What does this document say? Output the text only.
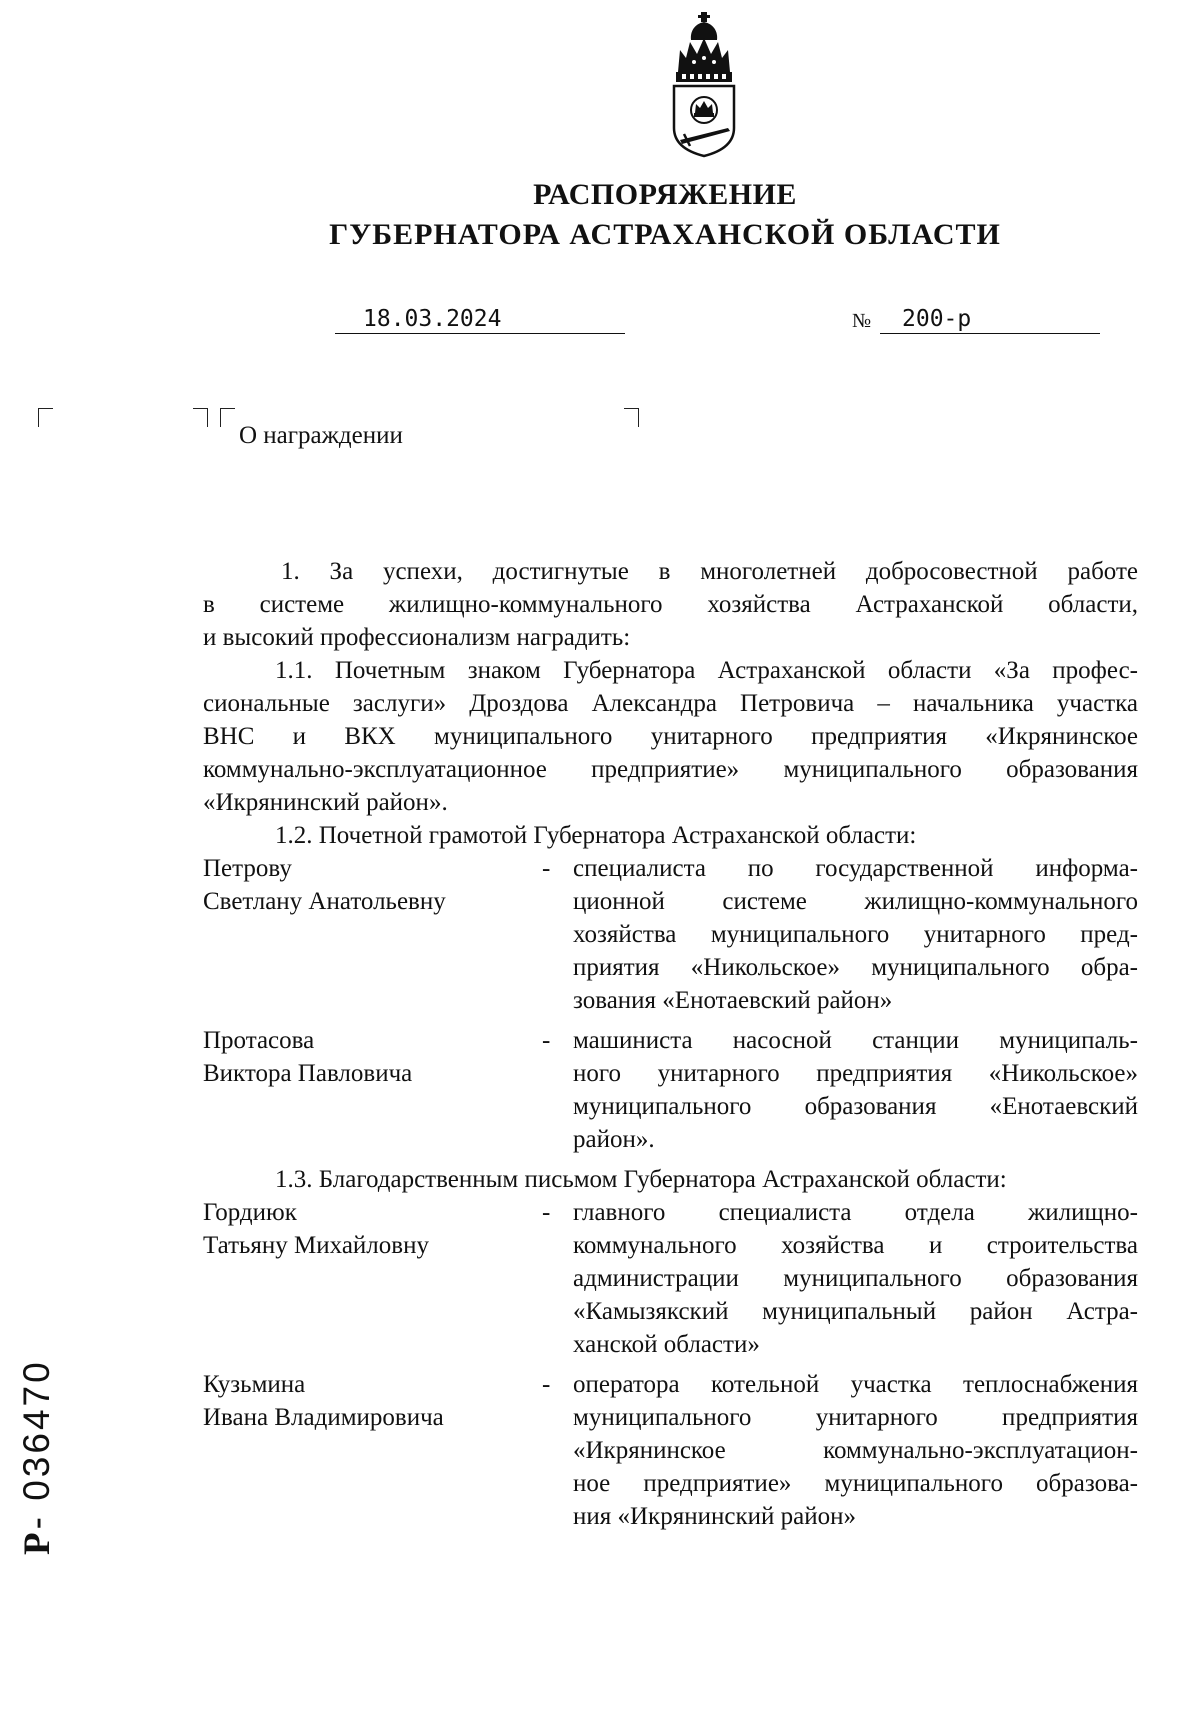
РАСПОРЯЖЕНИЕ
ГУБЕРНАТОРА АСТРАХАНСКОЙ ОБЛАСТИ
18.03.2024	№	200-р
О награждении
1. За успехи, достигнутые в многолетней добросовестной работе
в системе жилищно-коммунального хозяйства Астраханской области,
и высокий профессионализм наградить:
1.1. Почетным знаком Губернатора Астраханской области «За профес-
сиональные заслуги» Дроздова Александра Петровича – начальника участка
ВНС и ВКХ муниципального унитарного предприятия «Икрянинское
коммунально-эксплуатационное предприятие» муниципального образования
«Икрянинский район».
1.2. Почетной грамотой Губернатора Астраханской области:
Петрову
Светлану Анатольевну
- специалиста по государственной информа-
ционной системе жилищно-коммунального
хозяйства муниципального унитарного пред-
приятия «Никольское» муниципального обра-
зования «Енотаевский район»
Протасова
Виктора Павловича
- машиниста насосной станции муниципаль-
ного унитарного предприятия «Никольское»
муниципального образования «Енотаевский
район».
1.3. Благодарственным письмом Губернатора Астраханской области:
Гордиюк
Татьяну Михайловну
- главного специалиста отдела жилищно-
коммунального хозяйства и строительства
администрации муниципального образования
«Камызякский муниципальный район Астра-
ханской области»
Кузьмина
Ивана Владимировича
- оператора котельной участка теплоснабжения
муниципального унитарного предприятия
«Икрянинское коммунально-эксплуатацион-
ное предприятие» муниципального образова-
ния «Икрянинский район»
Р- 036470
